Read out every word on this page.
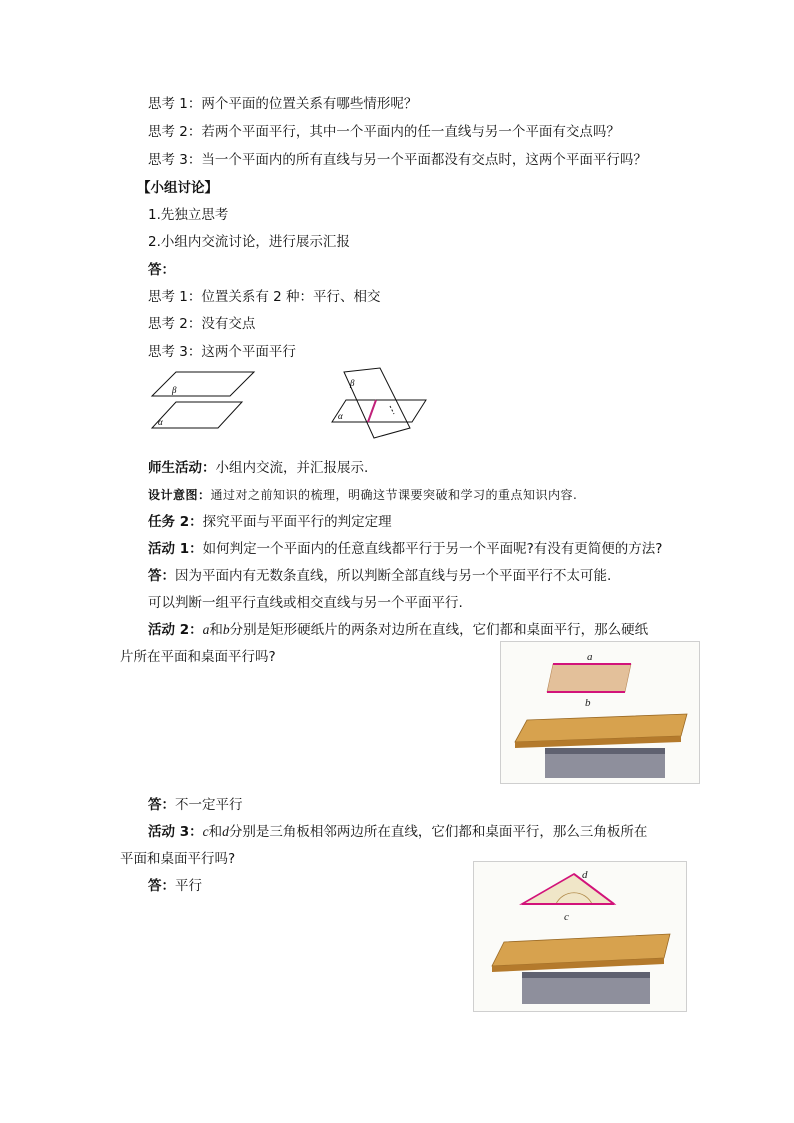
思考 1：两个平面的位置关系有哪些情形呢？
思考 2：若两个平面平行，其中一个平面内的任一直线与另一个平面有交点吗？
思考 3：当一个平面内的所有直线与另一个平面都没有交点时，这两个平面平行吗？
【小组讨论】
1.先独立思考
2.小组内交流讨论，进行展示汇报
答：
思考 1：位置关系有 2 种：平行、相交
思考 2：没有交点
思考 3：这两个平面平行
β
α
β
α
师生活动：小组内交流，并汇报展示.
设计意图：通过对之前知识的梳理，明确这节课要突破和学习的重点知识内容.
任务 2：探究平面与平面平行的判定定理
活动 1：如何判定一个平面内的任意直线都平行于另一个平面呢?有没有更简便的方法?
答：因为平面内有无数条直线，所以判断全部直线与另一个平面平行不太可能.
可以判断一组平行直线或相交直线与另一个平面平行.
活动 2：a和b分别是矩形硬纸片的两条对边所在直线，它们都和桌面平行，那么硬纸
片所在平面和桌面平行吗?	a
b
答：不一定平行
活动 3：c和d分别是三角板相邻两边所在直线，它们都和桌面平行，那么三角板所在
平面和桌面平行吗?
答：平行
d
c
